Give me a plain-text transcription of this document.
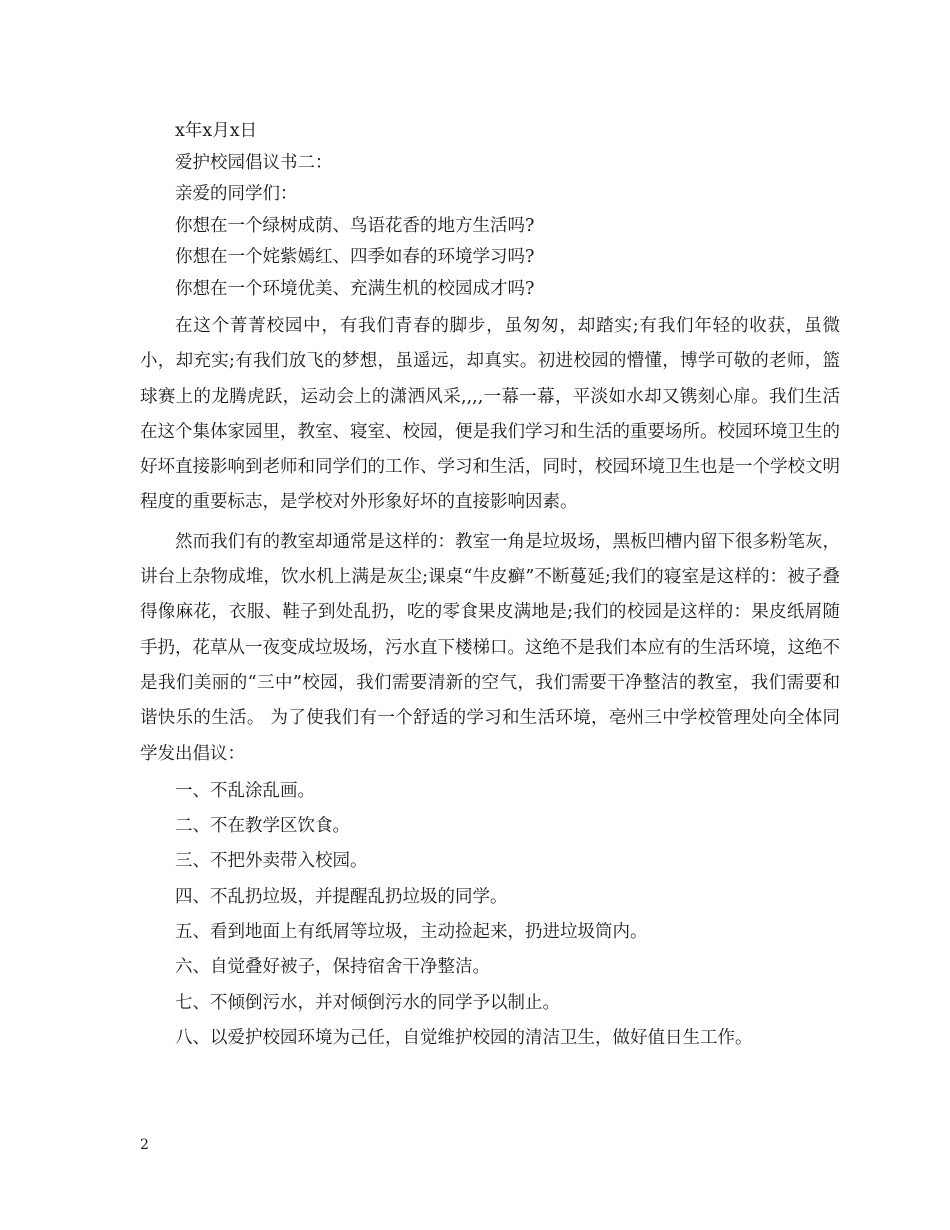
x年x月x日

爱护校园倡议书二：

亲爱的同学们：

你想在一个绿树成荫、鸟语花香的地方生活吗?

你想在一个姹紫嫣红、四季如春的环境学习吗?

你想在一个环境优美、充满生机的校园成才吗?

在这个菁菁校园中，有我们青春的脚步，虽匆匆，却踏实;有我们年轻的收获，虽微小，却充实;有我们放飞的梦想，虽遥远，却真实。初进校园的懵懂，博学可敬的老师，篮球赛上的龙腾虎跃，运动会上的潇洒风采,,,,一幕一幕，平淡如水却又镌刻心扉。我们生活在这个集体家园里，教室、寝室、校园，便是我们学习和生活的重要场所。校园环境卫生的好坏直接影响到老师和同学们的工作、学习和生活，同时，校园环境卫生也是一个学校文明程度的重要标志，是学校对外形象好坏的直接影响因素。

然而我们有的教室却通常是这样的：教室一角是垃圾场，黑板凹槽内留下很多粉笔灰，讲台上杂物成堆，饮水机上满是灰尘;课桌“牛皮癣”不断蔓延;我们的寝室是这样的：被子叠得像麻花，衣服、鞋子到处乱扔，吃的零食果皮满地是;我们的校园是这样的：果皮纸屑随手扔，花草从一夜变成垃圾场，污水直下楼梯口。这绝不是我们本应有的生活环境，这绝不是我们美丽的“三中”校园，我们需要清新的空气，我们需要干净整洁的教室，我们需要和谐快乐的生活。 为了使我们有一个舒适的学习和生活环境，亳州三中学校管理处向全体同学发出倡议：

一、不乱涂乱画。
二、不在教学区饮食。
三、不把外卖带入校园。
四、不乱扔垃圾，并提醒乱扔垃圾的同学。
五、看到地面上有纸屑等垃圾，主动捡起来，扔进垃圾筒内。
六、自觉叠好被子，保持宿舍干净整洁。
七、不倾倒污水，并对倾倒污水的同学予以制止。
八、以爱护校园环境为己任，自觉维护校园的清洁卫生，做好值日生工作。
2
